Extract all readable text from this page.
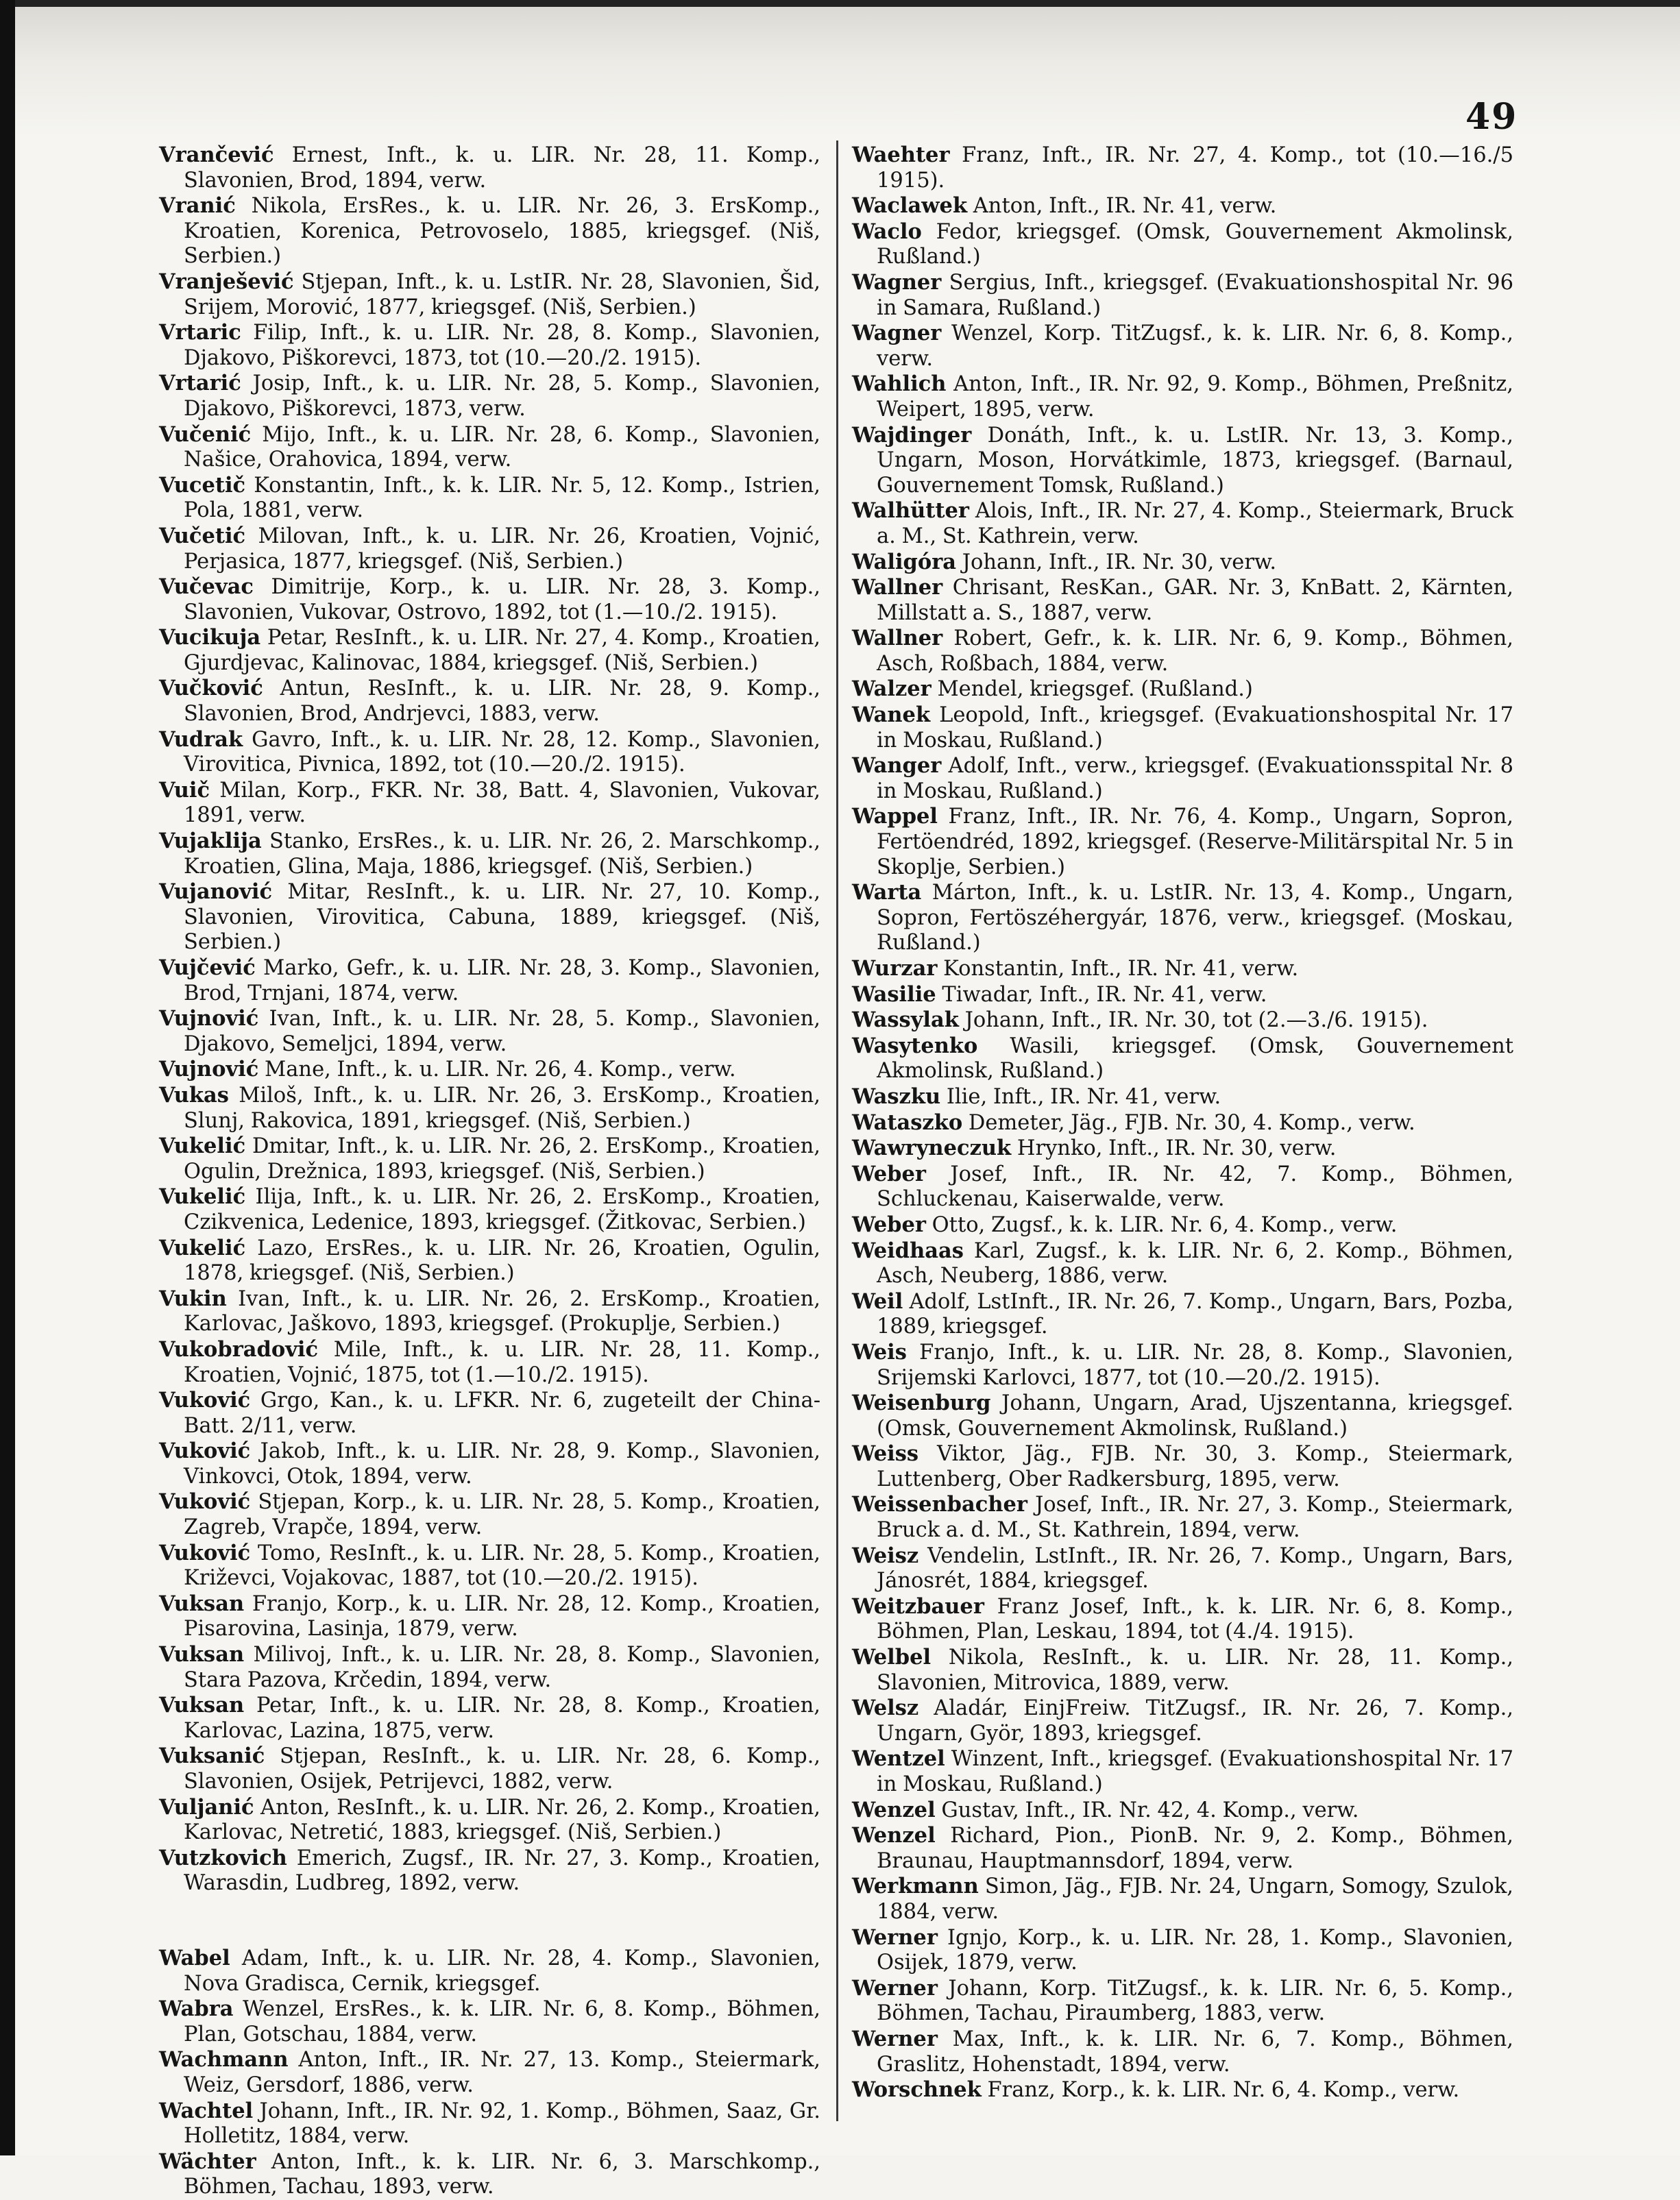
49
Vrančević Ernest, Inft., k. u. LIR. Nr. 28, 11. Komp., Slavonien, Brod, 1894, verw.
Vranić Nikola, ErsRes., k. u. LIR. Nr. 26, 3. ErsKomp., Kroatien, Korenica, Petrovoselo, 1885, kriegsgef. (Niš, Serbien.)
Vranješević Stjepan, Inft., k. u. LstIR. Nr. 28, Slavonien, Šid, Srijem, Morović, 1877, kriegsgef. (Niš, Serbien.)
Vrtaric Filip, Inft., k. u. LIR. Nr. 28, 8. Komp., Slavonien, Djakovo, Piškorevci, 1873, tot (10.—20./2. 1915).
Vrtarić Josip, Inft., k. u. LIR. Nr. 28, 5. Komp., Slavonien, Djakovo, Piškorevci, 1873, verw.
Vučenić Mijo, Inft., k. u. LIR. Nr. 28, 6. Komp., Slavonien, Našice, Orahovica, 1894, verw.
Vucetič Konstantin, Inft., k. k. LIR. Nr. 5, 12. Komp., Istrien, Pola, 1881, verw.
Vučetić Milovan, Inft., k. u. LIR. Nr. 26, Kroatien, Vojnić, Perjasica, 1877, kriegsgef. (Niš, Serbien.)
Vučevac Dimitrije, Korp., k. u. LIR. Nr. 28, 3. Komp., Slavonien, Vukovar, Ostrovo, 1892, tot (1.—10./2. 1915).
Vucikuja Petar, ResInft., k. u. LIR. Nr. 27, 4. Komp., Kroatien, Gjurdjevac, Kalinovac, 1884, kriegsgef. (Niš, Serbien.)
Vučković Antun, ResInft., k. u. LIR. Nr. 28, 9. Komp., Slavonien, Brod, Andrjevci, 1883, verw.
Vudrak Gavro, Inft., k. u. LIR. Nr. 28, 12. Komp., Slavonien, Virovitica, Pivnica, 1892, tot (10.—20./2. 1915).
Vuič Milan, Korp., FKR. Nr. 38, Batt. 4, Slavonien, Vukovar, 1891, verw.
Vujaklija Stanko, ErsRes., k. u. LIR. Nr. 26, 2. Marschkomp., Kroatien, Glina, Maja, 1886, kriegsgef. (Niš, Serbien.)
Vujanović Mitar, ResInft., k. u. LIR. Nr. 27, 10. Komp., Slavonien, Virovitica, Cabuna, 1889, kriegsgef. (Niš, Serbien.)
Vujčević Marko, Gefr., k. u. LIR. Nr. 28, 3. Komp., Slavonien, Brod, Trnjani, 1874, verw.
Vujnović Ivan, Inft., k. u. LIR. Nr. 28, 5. Komp., Slavonien, Djakovo, Semeljci, 1894, verw.
Vujnović Mane, Inft., k. u. LIR. Nr. 26, 4. Komp., verw.
Vukas Miloš, Inft., k. u. LIR. Nr. 26, 3. ErsKomp., Kroatien, Slunj, Rakovica, 1891, kriegsgef. (Niš, Serbien.)
Vukelić Dmitar, Inft., k. u. LIR. Nr. 26, 2. ErsKomp., Kroatien, Ogulin, Drežnica, 1893, kriegsgef. (Niš, Serbien.)
Vukelić Ilija, Inft., k. u. LIR. Nr. 26, 2. ErsKomp., Kroatien, Czikvenica, Ledenice, 1893, kriegsgef. (Žitkovac, Serbien.)
Vukelić Lazo, ErsRes., k. u. LIR. Nr. 26, Kroatien, Ogulin, 1878, kriegsgef. (Niš, Serbien.)
Vukin Ivan, Inft., k. u. LIR. Nr. 26, 2. ErsKomp., Kroatien, Karlovac, Jaškovo, 1893, kriegsgef. (Prokuplje, Serbien.)
Vukobradović Mile, Inft., k. u. LIR. Nr. 28, 11. Komp., Kroatien, Vojnić, 1875, tot (1.—10./2. 1915).
Vuković Grgo, Kan., k. u. LFKR. Nr. 6, zugeteilt der China-Batt. 2/11, verw.
Vuković Jakob, Inft., k. u. LIR. Nr. 28, 9. Komp., Slavonien, Vinkovci, Otok, 1894, verw.
Vuković Stjepan, Korp., k. u. LIR. Nr. 28, 5. Komp., Kroatien, Zagreb, Vrapče, 1894, verw.
Vuković Tomo, ResInft., k. u. LIR. Nr. 28, 5. Komp., Kroatien, Križevci, Vojakovac, 1887, tot (10.—20./2. 1915).
Vuksan Franjo, Korp., k. u. LIR. Nr. 28, 12. Komp., Kroatien, Pisarovina, Lasinja, 1879, verw.
Vuksan Milivoj, Inft., k. u. LIR. Nr. 28, 8. Komp., Slavonien, Stara Pazova, Krčedin, 1894, verw.
Vuksan Petar, Inft., k. u. LIR. Nr. 28, 8. Komp., Kroatien, Karlovac, Lazina, 1875, verw.
Vuksanić Stjepan, ResInft., k. u. LIR. Nr. 28, 6. Komp., Slavonien, Osijek, Petrijevci, 1882, verw.
Vuljanić Anton, ResInft., k. u. LIR. Nr. 26, 2. Komp., Kroatien, Karlovac, Netretić, 1883, kriegsgef. (Niš, Serbien.)
Vutzkovich Emerich, Zugsf., IR. Nr. 27, 3. Komp., Kroatien, Warasdin, Ludbreg, 1892, verw.
Wabel Adam, Inft., k. u. LIR. Nr. 28, 4. Komp., Slavonien, Nova Gradisca, Cernik, kriegsgef.
Wabra Wenzel, ErsRes., k. k. LIR. Nr. 6, 8. Komp., Böhmen, Plan, Gotschau, 1884, verw.
Wachmann Anton, Inft., IR. Nr. 27, 13. Komp., Steiermark, Weiz, Gersdorf, 1886, verw.
Wachtel Johann, Inft., IR. Nr. 92, 1. Komp., Böhmen, Saaz, Gr. Holletitz, 1884, verw.
Wächter Anton, Inft., k. k. LIR. Nr. 6, 3. Marschkomp., Böhmen, Tachau, 1893, verw.
Waehter Franz, Inft., IR. Nr. 27, 4. Komp., tot (10.—16./5 1915).
Waclawek Anton, Inft., IR. Nr. 41, verw.
Waclo Fedor, kriegsgef. (Omsk, Gouvernement Akmolinsk, Rußland.)
Wagner Sergius, Inft., kriegsgef. (Evakuationshospital Nr. 96 in Samara, Rußland.)
Wagner Wenzel, Korp. TitZugsf., k. k. LIR. Nr. 6, 8. Komp., verw.
Wahlich Anton, Inft., IR. Nr. 92, 9. Komp., Böhmen, Preßnitz, Weipert, 1895, verw.
Wajdinger Donáth, Inft., k. u. LstIR. Nr. 13, 3. Komp., Ungarn, Moson, Horvátkimle, 1873, kriegsgef. (Barnaul, Gouvernement Tomsk, Rußland.)
Walhütter Alois, Inft., IR. Nr. 27, 4. Komp., Steiermark, Bruck a. M., St. Kathrein, verw.
Waligóra Johann, Inft., IR. Nr. 30, verw.
Wallner Chrisant, ResKan., GAR. Nr. 3, KnBatt. 2, Kärnten, Millstatt a. S., 1887, verw.
Wallner Robert, Gefr., k. k. LIR. Nr. 6, 9. Komp., Böhmen, Asch, Roßbach, 1884, verw.
Walzer Mendel, kriegsgef. (Rußland.)
Wanek Leopold, Inft., kriegsgef. (Evakuationshospital Nr. 17 in Moskau, Rußland.)
Wanger Adolf, Inft., verw., kriegsgef. (Evakuationsspital Nr. 8 in Moskau, Rußland.)
Wappel Franz, Inft., IR. Nr. 76, 4. Komp., Ungarn, Sopron, Fertöendréd, 1892, kriegsgef. (Reserve-Militärspital Nr. 5 in Skoplje, Serbien.)
Warta Márton, Inft., k. u. LstIR. Nr. 13, 4. Komp., Ungarn, Sopron, Fertöszéhergyár, 1876, verw., kriegsgef. (Moskau, Rußland.)
Wurzar Konstantin, Inft., IR. Nr. 41, verw.
Wasilie Tiwadar, Inft., IR. Nr. 41, verw.
Wassylak Johann, Inft., IR. Nr. 30, tot (2.—3./6. 1915).
Wasytenko Wasili, kriegsgef. (Omsk, Gouvernement Akmolinsk, Rußland.)
Waszku Ilie, Inft., IR. Nr. 41, verw.
Wataszko Demeter, Jäg., FJB. Nr. 30, 4. Komp., verw.
Wawryneczuk Hrynko, Inft., IR. Nr. 30, verw.
Weber Josef, Inft., IR. Nr. 42, 7. Komp., Böhmen, Schluckenau, Kaiserwalde, verw.
Weber Otto, Zugsf., k. k. LIR. Nr. 6, 4. Komp., verw.
Weidhaas Karl, Zugsf., k. k. LIR. Nr. 6, 2. Komp., Böhmen, Asch, Neuberg, 1886, verw.
Weil Adolf, LstInft., IR. Nr. 26, 7. Komp., Ungarn, Bars, Pozba, 1889, kriegsgef.
Weis Franjo, Inft., k. u. LIR. Nr. 28, 8. Komp., Slavonien, Srijemski Karlovci, 1877, tot (10.—20./2. 1915).
Weisenburg Johann, Ungarn, Arad, Ujszentanna, kriegsgef. (Omsk, Gouvernement Akmolinsk, Rußland.)
Weiss Viktor, Jäg., FJB. Nr. 30, 3. Komp., Steiermark, Luttenberg, Ober Radkersburg, 1895, verw.
Weissenbacher Josef, Inft., IR. Nr. 27, 3. Komp., Steiermark, Bruck a. d. M., St. Kathrein, 1894, verw.
Weisz Vendelin, LstInft., IR. Nr. 26, 7. Komp., Ungarn, Bars, Jánosrét, 1884, kriegsgef.
Weitzbauer Franz Josef, Inft., k. k. LIR. Nr. 6, 8. Komp., Böhmen, Plan, Leskau, 1894, tot (4./4. 1915).
Welbel Nikola, ResInft., k. u. LIR. Nr. 28, 11. Komp., Slavonien, Mitrovica, 1889, verw.
Welsz Aladár, EinjFreiw. TitZugsf., IR. Nr. 26, 7. Komp., Ungarn, Györ, 1893, kriegsgef.
Wentzel Winzent, Inft., kriegsgef. (Evakuationshospital Nr. 17 in Moskau, Rußland.)
Wenzel Gustav, Inft., IR. Nr. 42, 4. Komp., verw.
Wenzel Richard, Pion., PionB. Nr. 9, 2. Komp., Böhmen, Braunau, Hauptmannsdorf, 1894, verw.
Werkmann Simon, Jäg., FJB. Nr. 24, Ungarn, Somogy, Szulok, 1884, verw.
Werner Ignjo, Korp., k. u. LIR. Nr. 28, 1. Komp., Slavonien, Osijek, 1879, verw.
Werner Johann, Korp. TitZugsf., k. k. LIR. Nr. 6, 5. Komp., Böhmen, Tachau, Piraumberg, 1883, verw.
Werner Max, Inft., k. k. LIR. Nr. 6, 7. Komp., Böhmen, Graslitz, Hohenstadt, 1894, verw.
Worschnek Franz, Korp., k. k. LIR. Nr. 6, 4. Komp., verw.
